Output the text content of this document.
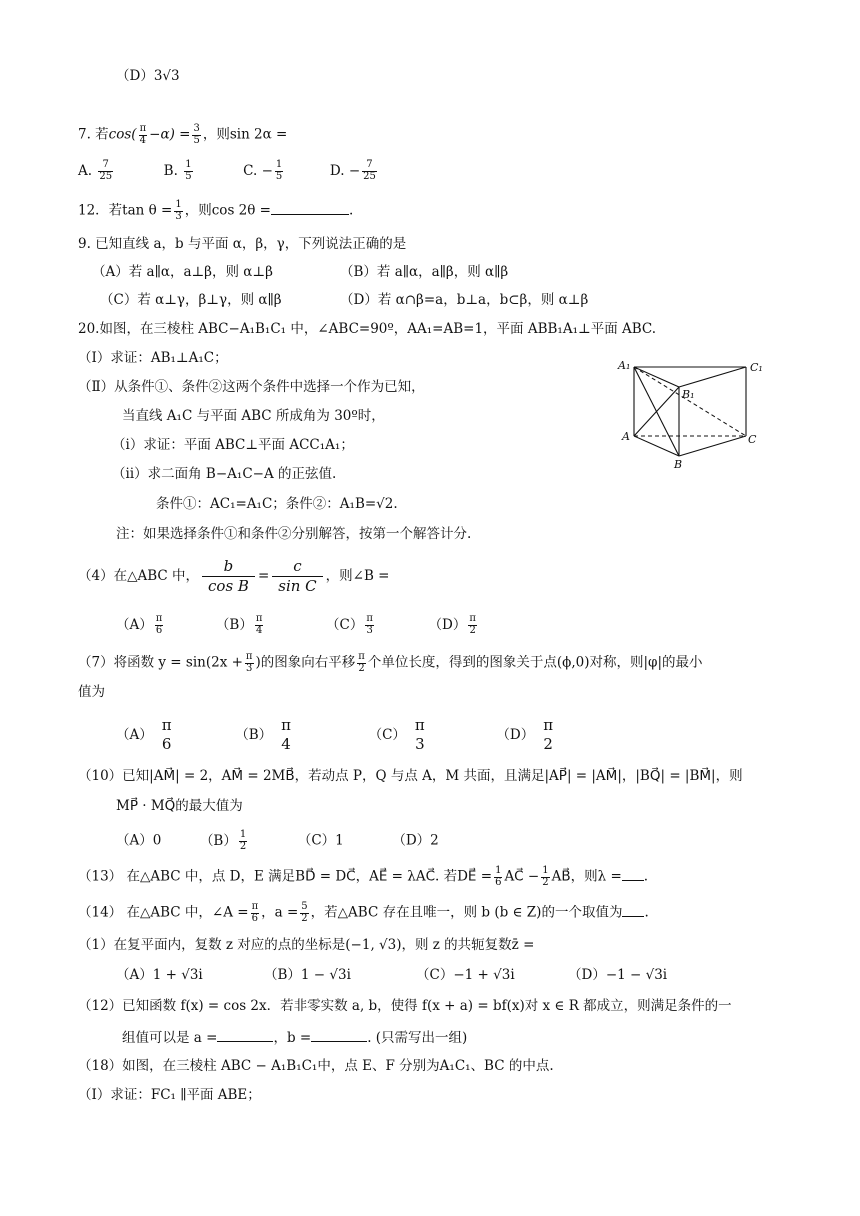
（D）3√3
7. 若$\cos( \frac{\pi}{4} -\alpha) = \frac{3}{5}$ ，则sin 2α =
A. $\frac{7}{25}$	B. $\frac{1}{5}$	C. − $\frac{1}{5}$	D. − $\frac{7}{25}$
12．若$\tan \theta = \frac{1}{3}$ ，则cos 2θ =	.
9. 已知直线 a，b 与平面 α，β，γ，下列说法正确的是
（A）若 a∥α，a⊥β，则 α⊥β	（B）若 a∥α，a∥β，则 α∥β
（C）若 α⊥γ，β⊥γ，则 α∥β	（D）若 α∩β=a，b⊥a，b⊂β，则 α⊥β
20.如图，在三棱柱 ABC−A₁B₁C₁ 中，∠ABC=90º，AA₁=AB=1，平面 ABB₁A₁⊥平面 ABC.
（Ⅰ）求证：AB₁⊥A₁C；
（Ⅱ）从条件①、条件②这两个条件中选择一个作为已知，
当直线 A₁C 与平面 ABC 所成角为 30º时，
（ⅰ）求证：平面 ABC⊥平面 ACC₁A₁；
（ⅱ）求二面角 B−A₁C−A 的正弦值.
条件①：AC₁=A₁C；条件②：A₁B=√2.
注：如果选择条件①和条件②分别解答，按第一个解答计分.
A₁
B₁
C₁
A
B
C
（4）在△ABC 中， $\frac{b}{\text{cos B}} = \frac{c}{\text{sin C}}$ ，则∠B =
$(A) \frac{\pi}{6}$	$(B) \frac{\pi}{4}$	$(C) \frac{\pi}{3}$	$(D) \frac{\pi}{2}$
（7）将函数 $y = \sin(2x + \frac{\pi}{3}$ )的图象向右平移 $\frac{\pi}{2}$ 个单位长度，得到的图象关于点(ϕ,0)对称，则|φ|的最小
值为
（A）
π
6
（B）
π
4
（C）
π
3
（D）
π
2
（10）已知|AM⃗| = 2，AM⃗ = 2MB⃗，若动点 P，Q 与点 A，M 共面，且满足|AP⃗| = |AM⃗|，|BQ⃗| = |BM⃗|，则
MP⃗ · MQ⃗的最大值为
（A）0	$(B) \frac{1}{2}$	（C）1	（D）2
（13） 在△ABC 中，点 D，E 满足BD⃗ = DC⃗，AE⃗ = λAC⃗. 若DE⃗ = $\frac{1}{6}$ AC⃗ − $\frac{1}{2}$ AB⃗，则λ = .
（14） 在△ABC 中，∠A = $\frac{\pi}{6}$ ，$a = \frac{5}{2}$ ，若△ABC 存在且唯一，则 b (b ∈ Z)的一个取值为 .
（1）在复平面内，复数 z 对应的点的坐标是(−1, √3)，则 z 的共轭复数z̄ =
（A）1 + √3i	（B）1 − √3i	（C）−1 + √3i	（D）−1 − √3i
（12）已知函数 f(x) = cos 2x．若非零实数 a, b，使得 f(x + a) = bf(x)对 x ∈ R 都成立，则满足条件的一
组值可以是 a =	，b =	. (只需写出一组)
（18）如图，在三棱柱 ABC − A₁B₁C₁中，点 E、F 分别为A₁C₁、BC 的中点.
（Ⅰ）求证：FC₁ ∥平面 ABE；
